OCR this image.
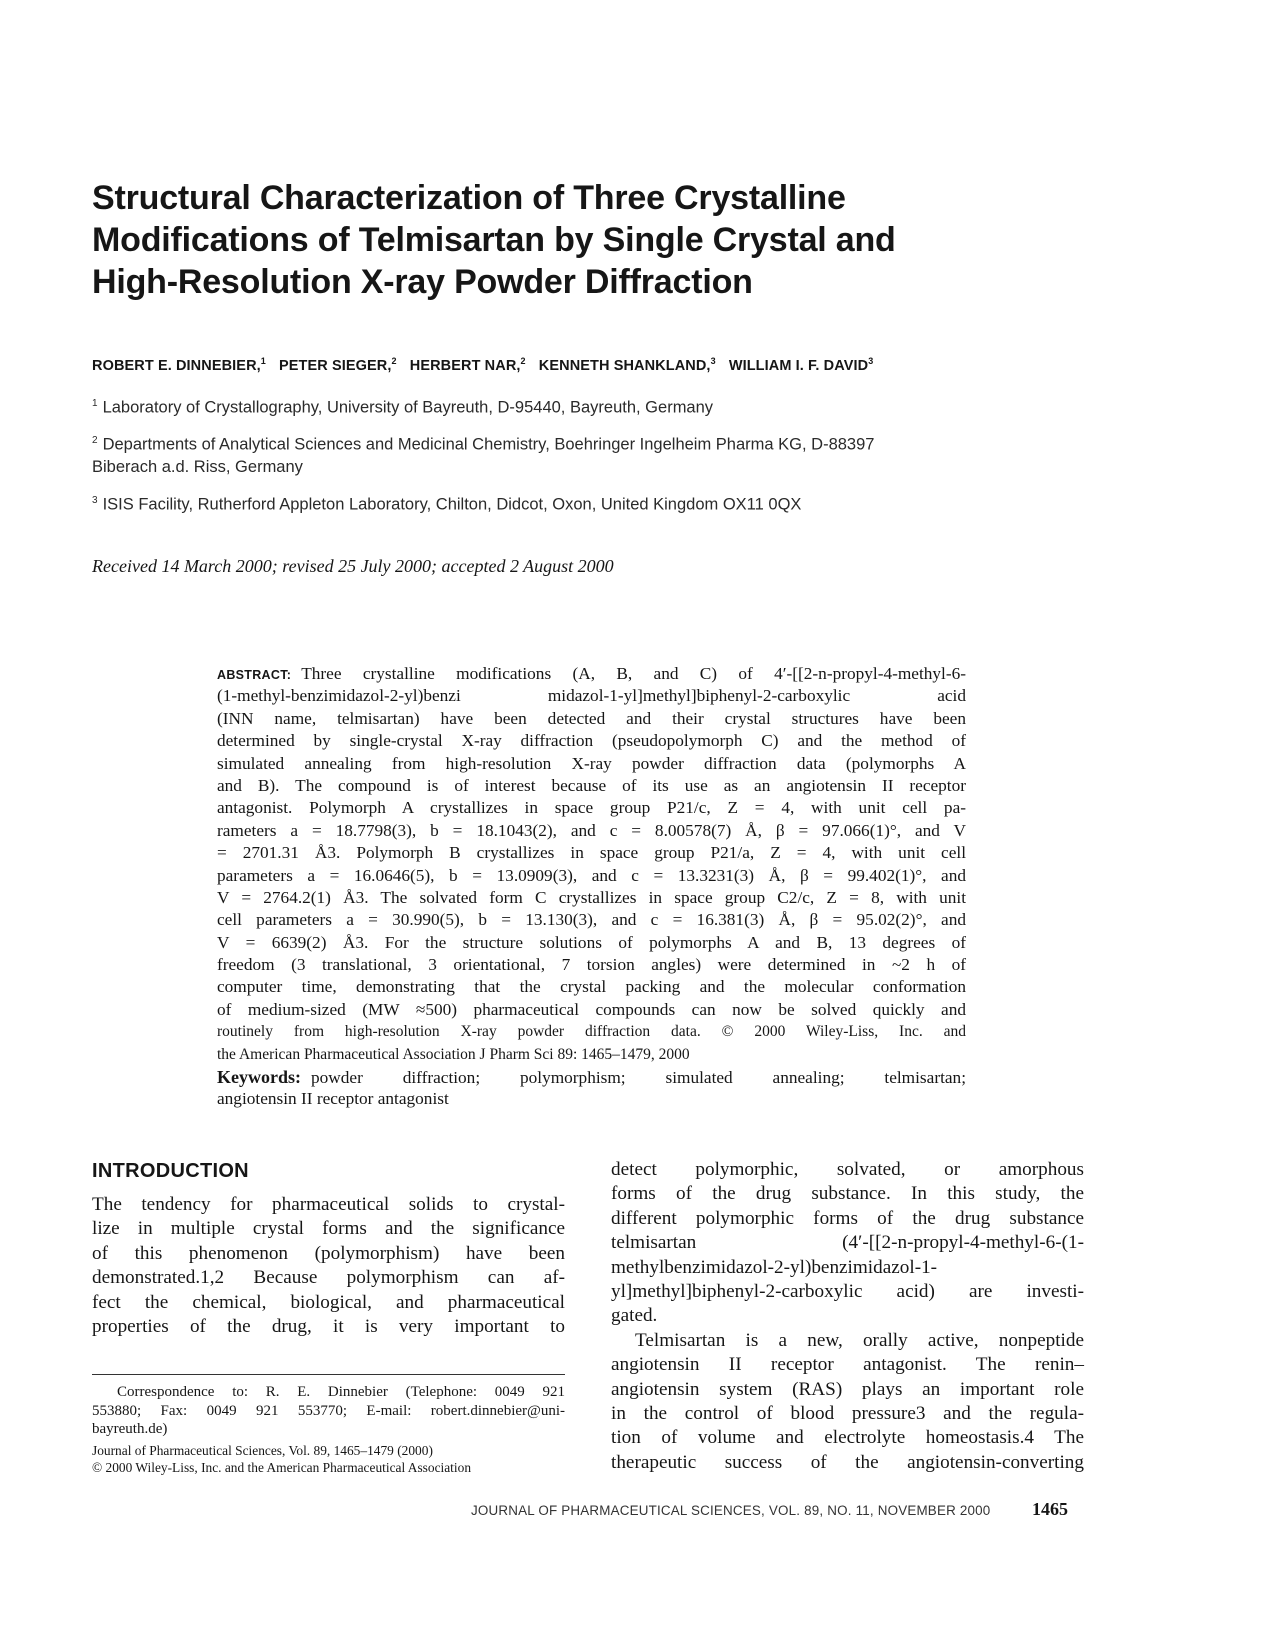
Structural Characterization of Three Crystalline
Modifications of Telmisartan by Single Crystal and
High-Resolution X-ray Powder Diffraction
ROBERT E. DINNEBIER,$^1$ PETER SIEGER,$^2$ HERBERT NAR,$^2$ KENNETH SHANKLAND,$^3$ WILLIAM I. F. DAVID$^3$
$^1$ Laboratory of Crystallography, University of Bayreuth, D-95440, Bayreuth, Germany
$^2$ Departments of Analytical Sciences and Medicinal Chemistry, Boehringer Ingelheim Pharma KG, D-88397
Biberach a.d. Riss, Germany
$^3$ ISIS Facility, Rutherford Appleton Laboratory, Chilton, Didcot, Oxon, United Kingdom OX11 0QX
Received 14 March 2000; revised 25 July 2000; accepted 2 August 2000
ABSTRACT: Three crystalline modifications (A, B, and C) of 4′-[[2-n-propyl-4-methyl-6-
(1-methyl-benzimidazol-2-yl)benzi midazol-1-yl]methyl]biphenyl-2-carboxylic acid
(INN name, telmisartan) have been detected and their crystal structures have been
determined by single-crystal X-ray diffraction (pseudopolymorph C) and the method of
simulated annealing from high-resolution X-ray powder diffraction data (polymorphs A
and B). The compound is of interest because of its use as an angiotensin II receptor
antagonist. Polymorph A crystallizes in space group P21/c, Z = 4, with unit cell pa-
rameters a = 18.7798(3), b = 18.1043(2), and c = 8.00578(7) Å, β = 97.066(1)°, and V
= 2701.31 Å3. Polymorph B crystallizes in space group P21/a, Z = 4, with unit cell
parameters a = 16.0646(5), b = 13.0909(3), and c = 13.3231(3) Å, β = 99.402(1)°, and
V = 2764.2(1) Å3. The solvated form C crystallizes in space group C2/c, Z = 8, with unit
cell parameters a = 30.990(5), b = 13.130(3), and c = 16.381(3) Å, β = 95.02(2)°, and
V = 6639(2) Å3. For the structure solutions of polymorphs A and B, 13 degrees of
freedom (3 translational, 3 orientational, 7 torsion angles) were determined in ~2 h of
computer time, demonstrating that the crystal packing and the molecular conformation
of medium-sized (MW ≈500) pharmaceutical compounds can now be solved quickly and
routinely from high-resolution X-ray powder diffraction data. © 2000 Wiley-Liss, Inc. and
the American Pharmaceutical Association J Pharm Sci 89: 1465–1479, 2000
Keywords: powder diffraction; polymorphism; simulated annealing; telmisartan;
angiotensin II receptor antagonist
INTRODUCTION
The tendency for pharmaceutical solids to crystal-
lize in multiple crystal forms and the significance
of this phenomenon (polymorphism) have been
demonstrated.1,2 Because polymorphism can af-
fect the chemical, biological, and pharmaceutical
properties of the drug, it is very important to
detect polymorphic, solvated, or amorphous
forms of the drug substance. In this study, the
different polymorphic forms of the drug substance
telmisartan (4′-[[2-n-propyl-4-methyl-6-(1-
methylbenzimidazol-2-yl)benzimidazol-1-
yl]methyl]biphenyl-2-carboxylic acid) are investi-
gated.
Telmisartan is a new, orally active, nonpeptide
angiotensin II receptor antagonist. The renin–
angiotensin system (RAS) plays an important role
in the control of blood pressure3 and the regula-
tion of volume and electrolyte homeostasis.4 The
therapeutic success of the angiotensin-converting
Correspondence to: R. E. Dinnebier (Telephone: 0049 921
553880; Fax: 0049 921 553770; E-mail: robert.dinnebier@uni-
bayreuth.de)
Journal of Pharmaceutical Sciences, Vol. 89, 1465–1479 (2000)
© 2000 Wiley-Liss, Inc. and the American Pharmaceutical Association
JOURNAL OF PHARMACEUTICAL SCIENCES, VOL. 89, NO. 11, NOVEMBER 2000 1465
